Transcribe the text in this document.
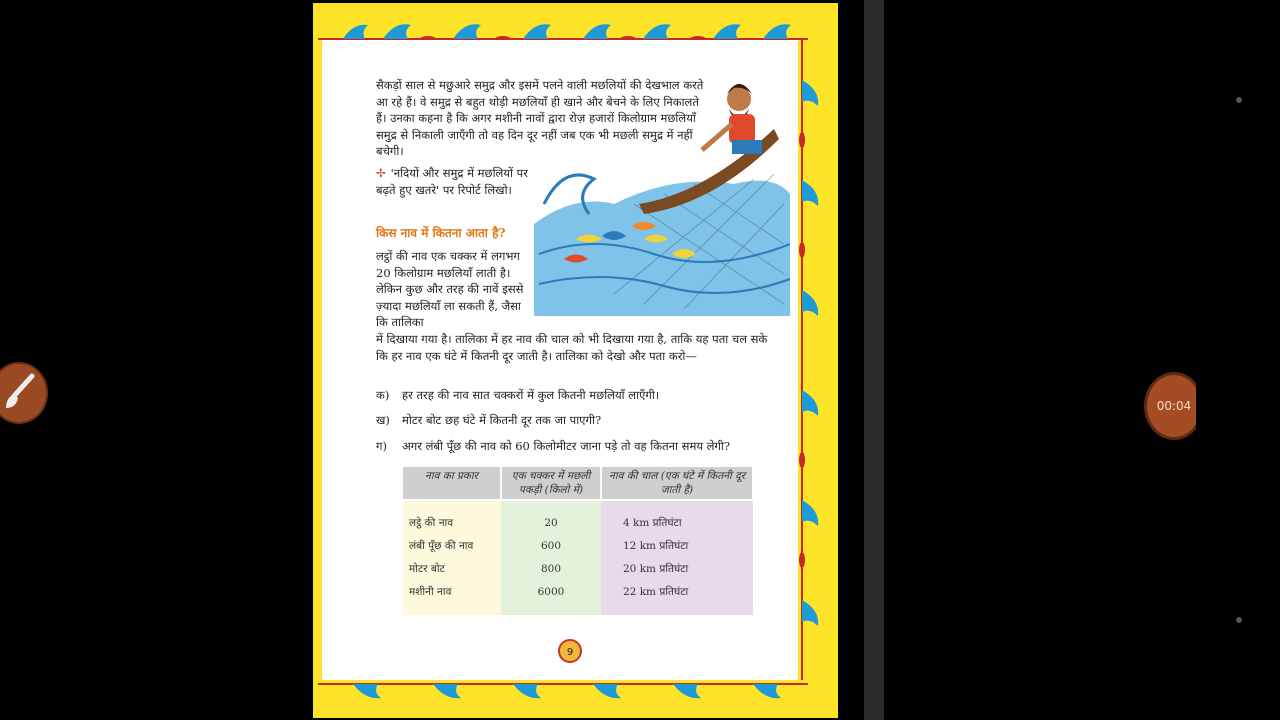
सैकड़ों साल से मछुआरे समुद्र और इसमें पलने वाली मछलियों की देखभाल करते आ रहे हैं। वे समुद्र से बहुत थोड़ी मछलियाँ ही खाने और बेचने के लिए निकालते हैं। उनका कहना है कि अगर मशीनी नावों द्वारा रोज़ हजारों किलोग्राम मछलियाँ समुद्र से निकाली जाएँगी तो वह दिन दूर नहीं जब एक भी मछली समुद्र में नहीं बचेगी।
✢ 'नदियों और समुद्र में मछलियों पर बढ़ते हुए खतरे' पर रिपोर्ट लिखो।
किस नाव में कितना आता है?
लट्ठों की नाव एक चक्कर में लगभग 20 किलोग्राम मछलियाँ लाती है। लेकिन कुछ और तरह की नावें इससे ज़्यादा मछलियाँ ला सकती हैं, जैसा कि तालिका
में दिखाया गया है। तालिका में हर नाव की चाल को भी दिखाया गया है, ताकि यह पता चल सके कि हर नाव एक घंटे में कितनी दूर जाती है। तालिका को देखो और पता करो—
क) हर तरह की नाव सात चक्करों में कुल कितनी मछलियाँ लाएँगी।
ख) मोटर बोट छह घंटे में कितनी दूर तक जा पाएगी?
ग) अगर लंबी पूँछ की नाव को 60 किलोमीटर जाना पड़े तो वह कितना समय लेगी?
नाव का प्रकार	एक चक्कर में मछली पकड़ी (किलो में)	नाव की चाल (एक घंटे में कितनी दूर जाती है)

लट्ठे की नाव	20	4 km प्रतिघंटा
लंबी पूँछ की नाव	600	12 km प्रतिघंटा
मोटर बोट	800	20 km प्रतिघंटा
मशीनी नाव	6000	22 km प्रतिघंटा

9
00:04
